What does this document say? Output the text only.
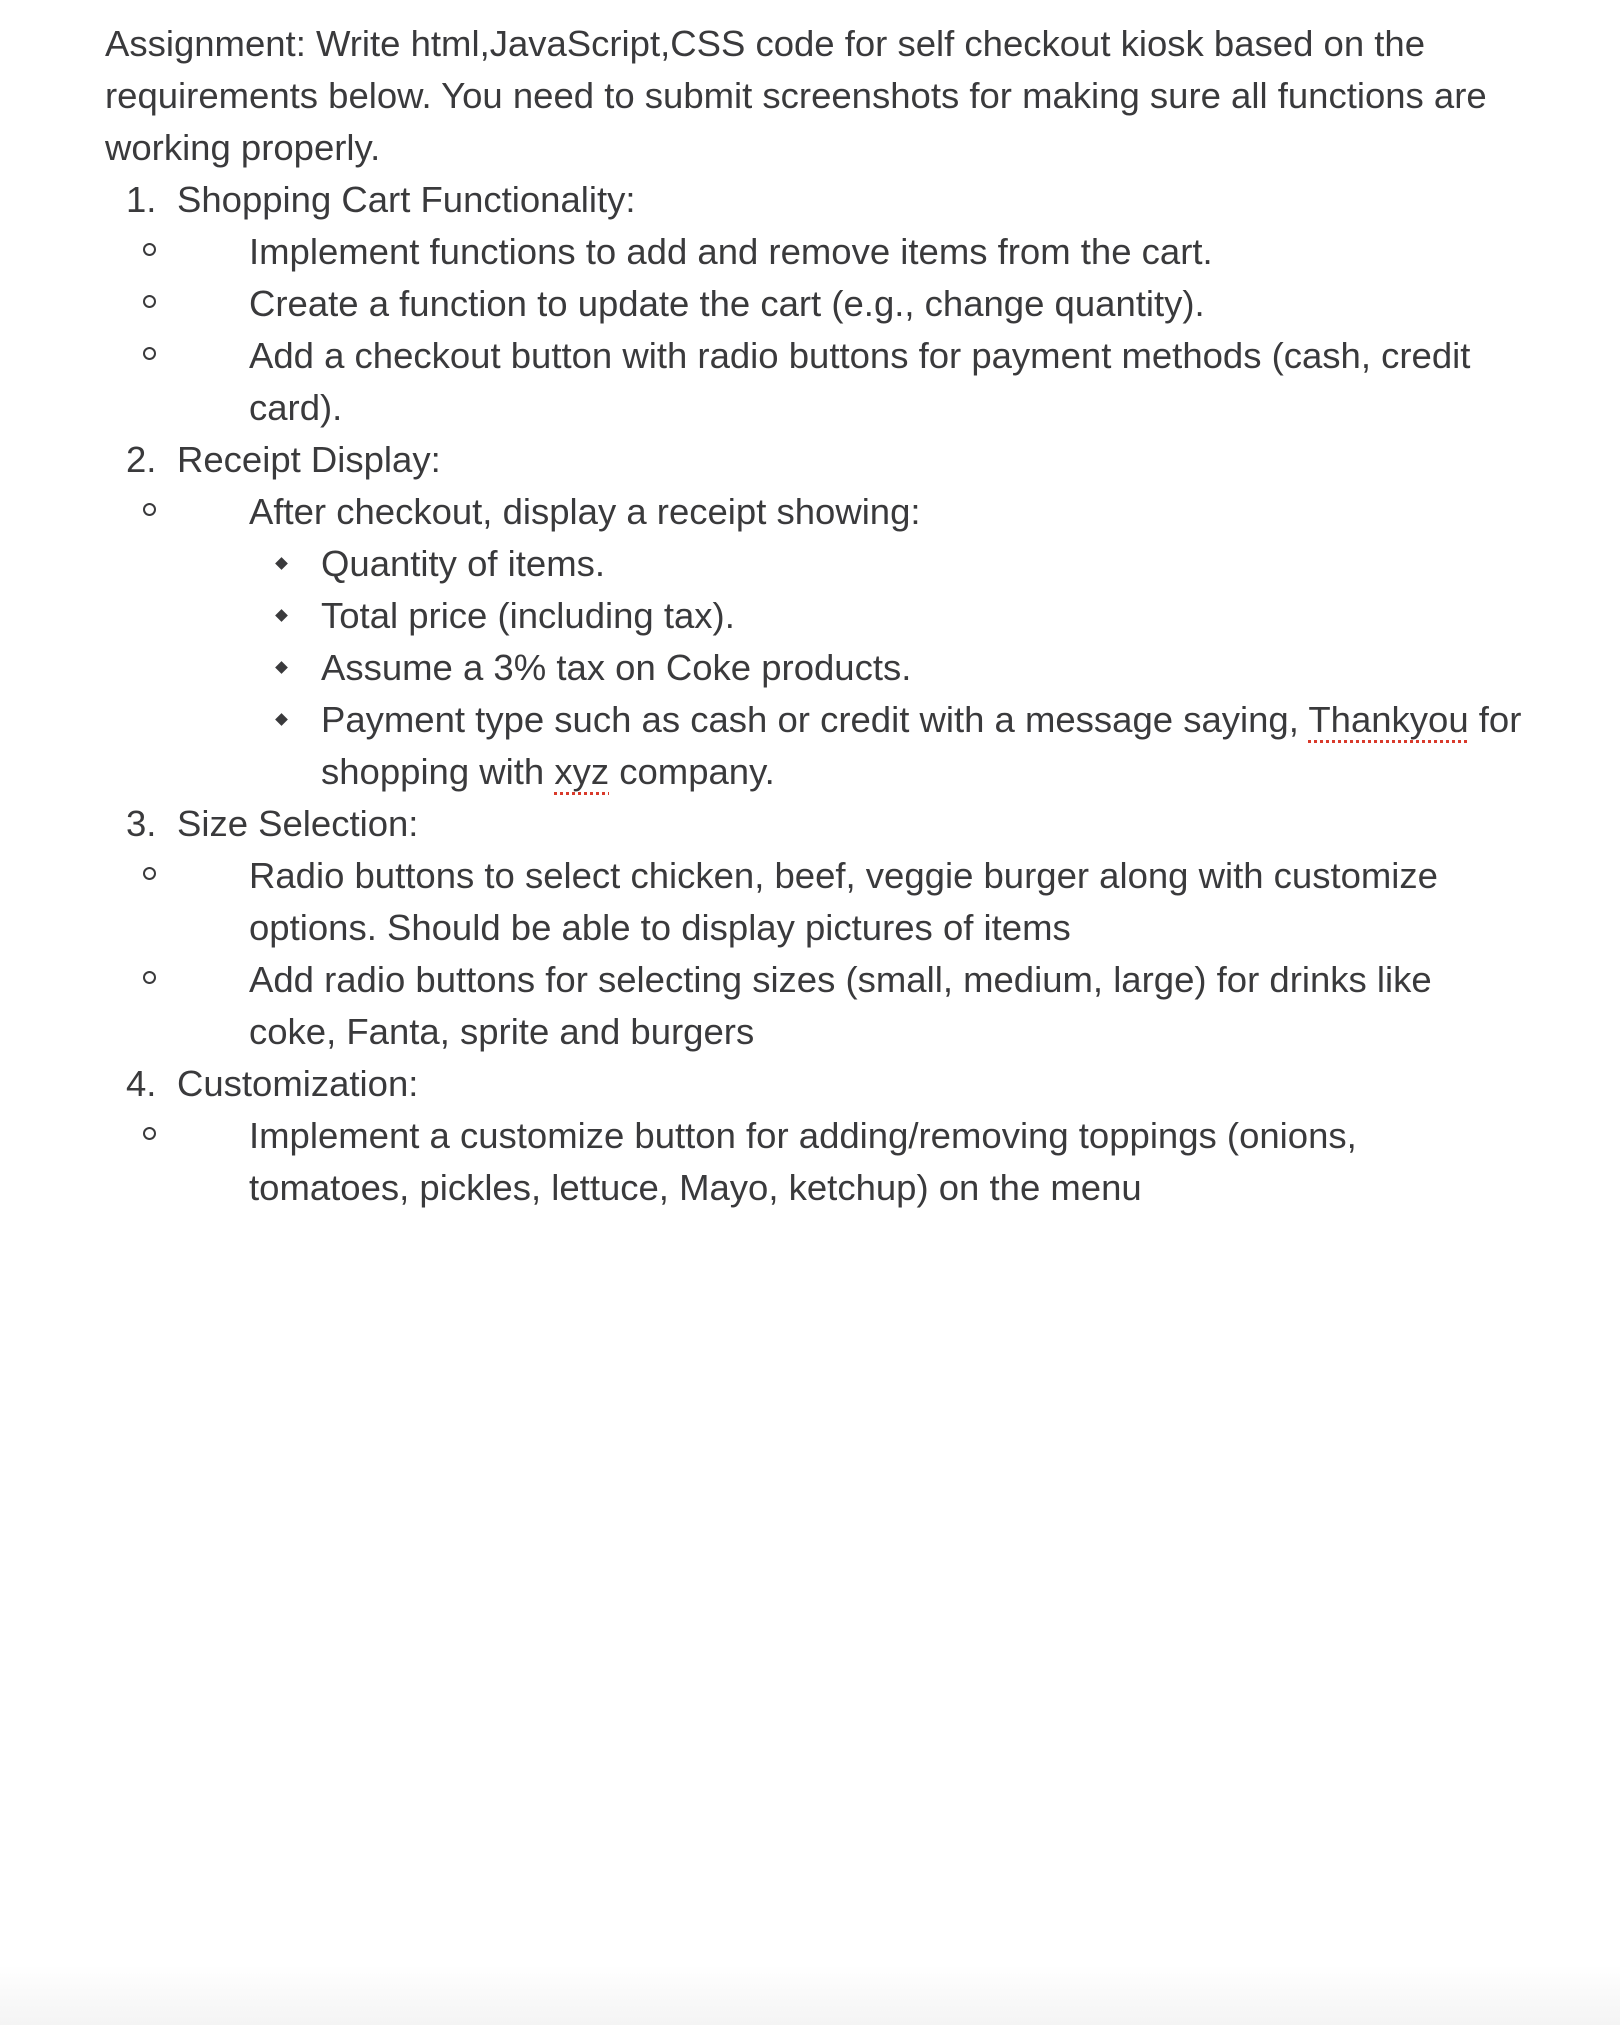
Assignment: Write html,JavaScript,CSS code for self checkout kiosk based on the requirements below. You need to submit screenshots for making sure all functions are working properly.

1. Shopping Cart Functionality:
Implement functions to add and remove items from the cart.
Create a function to update the cart (e.g., change quantity).
Add a checkout button with radio buttons for payment methods (cash, credit card).
2. Receipt Display:
After checkout, display a receipt showing:
Quantity of items.
Total price (including tax).
Assume a 3% tax on Coke products.
Payment type such as cash or credit with a message saying, Thankyou for shopping with xyz company.
3. Size Selection:
Radio buttons to select chicken, beef, veggie burger along with customize options. Should be able to display pictures of items
Add radio buttons for selecting sizes (small, medium, large) for drinks like coke, Fanta, sprite and burgers
4. Customization:
Implement a customize button for adding/removing toppings (onions, tomatoes, pickles, lettuce, Mayo, ketchup) on the menu
